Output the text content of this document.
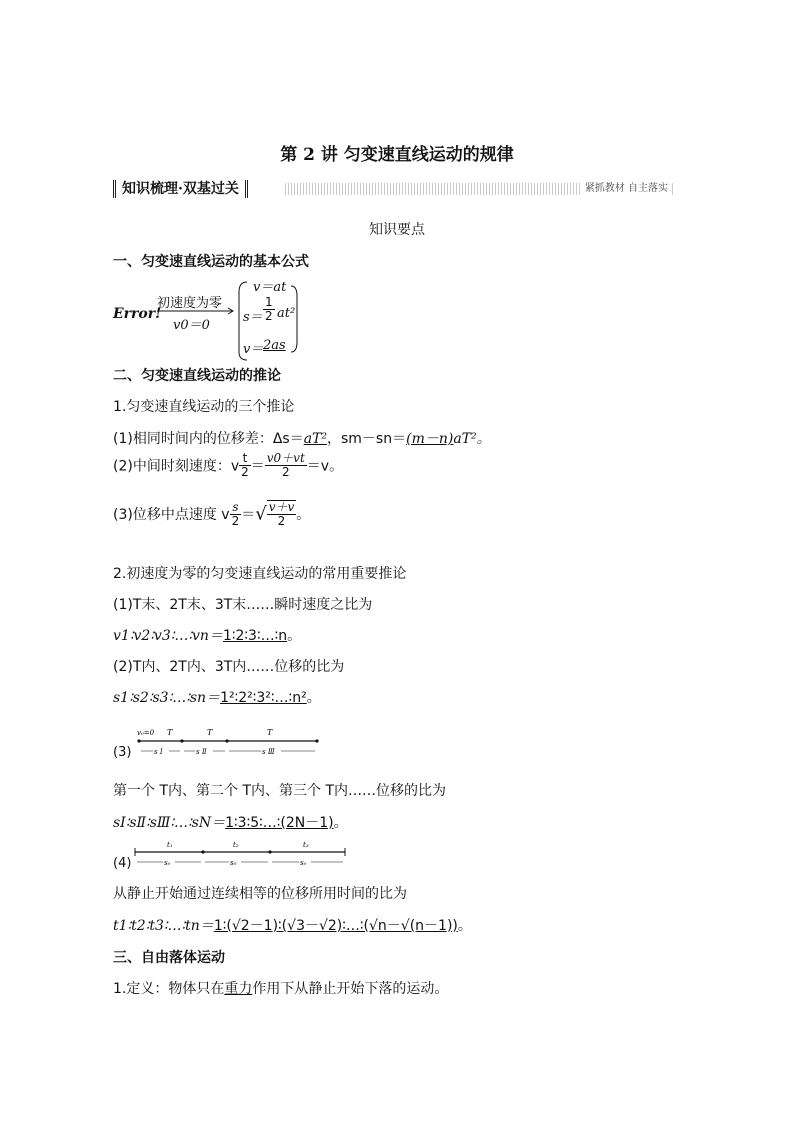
第 2 讲 匀变速直线运动的规律
知识梳理·双基过关	紧抓教材 自主落实
知识要点
一、匀变速直线运动的基本公式
Error!
初速度为零
v0＝0
v＝at
$s= \frac{1}{2} at^2$
v＝ 2as
二、匀变速直线运动的推论
1.匀变速直线运动的三个推论
(1)相同时间内的位移差：Δs＝aT²，sm－sn＝(m－n)aT²。
(2)中间时刻速度：v $\frac{t}{2} = \frac{v0+vt}{2} =v$。
(3)位移中点速度 v $\frac{s}{2}$ ＝√ $\frac{v+v}{2}$ 。
2.初速度为零的匀变速直线运动的常用重要推论
(1)T末、2T末、3T末……瞬时速度之比为
v1∶v2∶v3∶…∶vn＝1∶2∶3∶…∶n。
(2)T内、2T内、3T内……位移的比为
s1∶s2∶s3∶…∶sn＝1²∶2²∶3²∶…∶n²。
(3)
v₀=0 T	T	T
s Ⅰ	s Ⅱ	s Ⅲ
第一个 T内、第二个 T内、第三个 T内……位移的比为
sⅠ∶sⅡ∶sⅢ∶…∶sN＝1∶3∶5∶…∶(2N－1)。
(4)
t₁	t₂	t₃
s₀	s₀	s₀
从静止开始通过连续相等的位移所用时间的比为
t1∶t2∶t3∶…∶tn＝1∶(√2－1)∶(√3－√2)∶…∶(√n－√(n－1))。
三、自由落体运动
1.定义：物体只在重力作用下从静止开始下落的运动。
